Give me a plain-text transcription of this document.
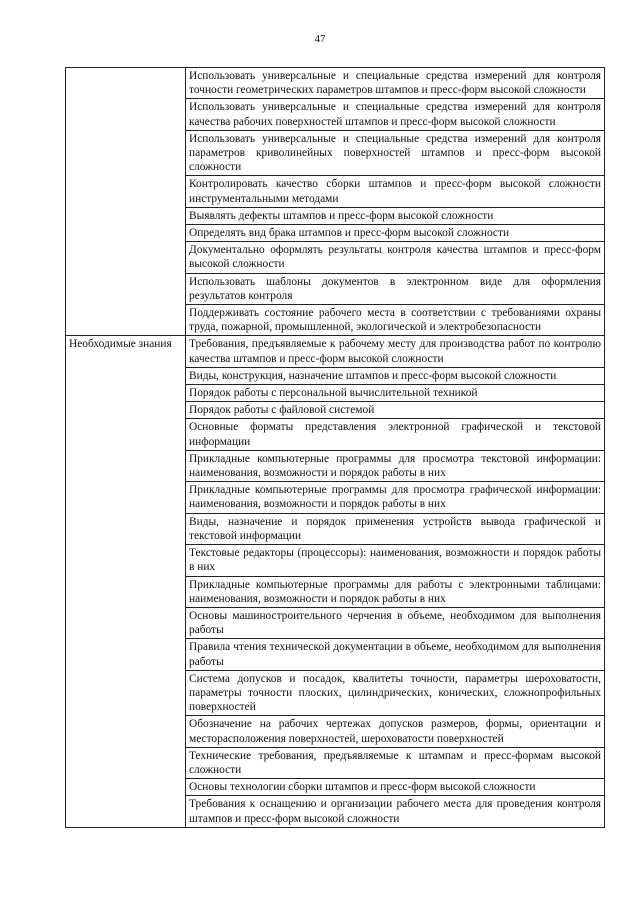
47

	Использовать универсальные и специальные средства измерений для контроля точности геометрических параметров штампов и пресс-форм высокой сложности

	Использовать универсальные и специальные средства измерений для контроля качества рабочих поверхностей штампов и пресс-форм высокой сложности

	Использовать универсальные и специальные средства измерений для контроля параметров криволинейных поверхностей штампов и пресс-форм высокой сложности

	Контролировать качество сборки штампов и пресс-форм высокой сложности инструментальными методами

	Выявлять дефекты штампов и пресс-форм высокой сложности

	Определять вид брака штампов и пресс-форм высокой сложности

	Документально оформлять результаты контроля качества штампов и пресс-форм высокой сложности

	Использовать шаблоны документов в электронном виде для оформления результатов контроля

	Поддерживать состояние рабочего места в соответствии с требованиями охраны труда, пожарной, промышленной, экологической и электробезопасности

Необходимые знания	Требования, предъявляемые к рабочему месту для производства работ по контролю качества штампов и пресс-форм высокой сложности

	Виды, конструкция, назначение штампов и пресс-форм высокой сложности

	Порядок работы с персональной вычислительной техникой

	Порядок работы с файловой системой

	Основные форматы представления электронной графической и текстовой информации

	Прикладные компьютерные программы для просмотра текстовой информации: наименования, возможности и порядок работы в них

	Прикладные компьютерные программы для просмотра графической информации: наименования, возможности и порядок работы в них

	Виды, назначение и порядок применения устройств вывода графической и текстовой информации

	Текстовые редакторы (процессоры): наименования, возможности и порядок работы в них

	Прикладные компьютерные программы для работы с электронными таблицами: наименования, возможности и порядок работы в них

	Основы машиностроительного черчения в объеме, необходимом для выполнения работы

	Правила чтения технической документации в объеме, необходимом для выполнения работы

	Система допусков и посадок, квалитеты точности, параметры шероховатости, параметры точности плоских, цилиндрических, конических, сложнопрофильных поверхностей

	Обозначение на рабочих чертежах допусков размеров, формы, ориентации и месторасположения поверхностей, шероховатости поверхностей

	Технические требования, предъявляемые к штампам и пресс-формам высокой сложности

	Основы технологии сборки штампов и пресс-форм высокой сложности

	Требования к оснащению и организации рабочего места для проведения контроля штампов и пресс-форм высокой сложности
